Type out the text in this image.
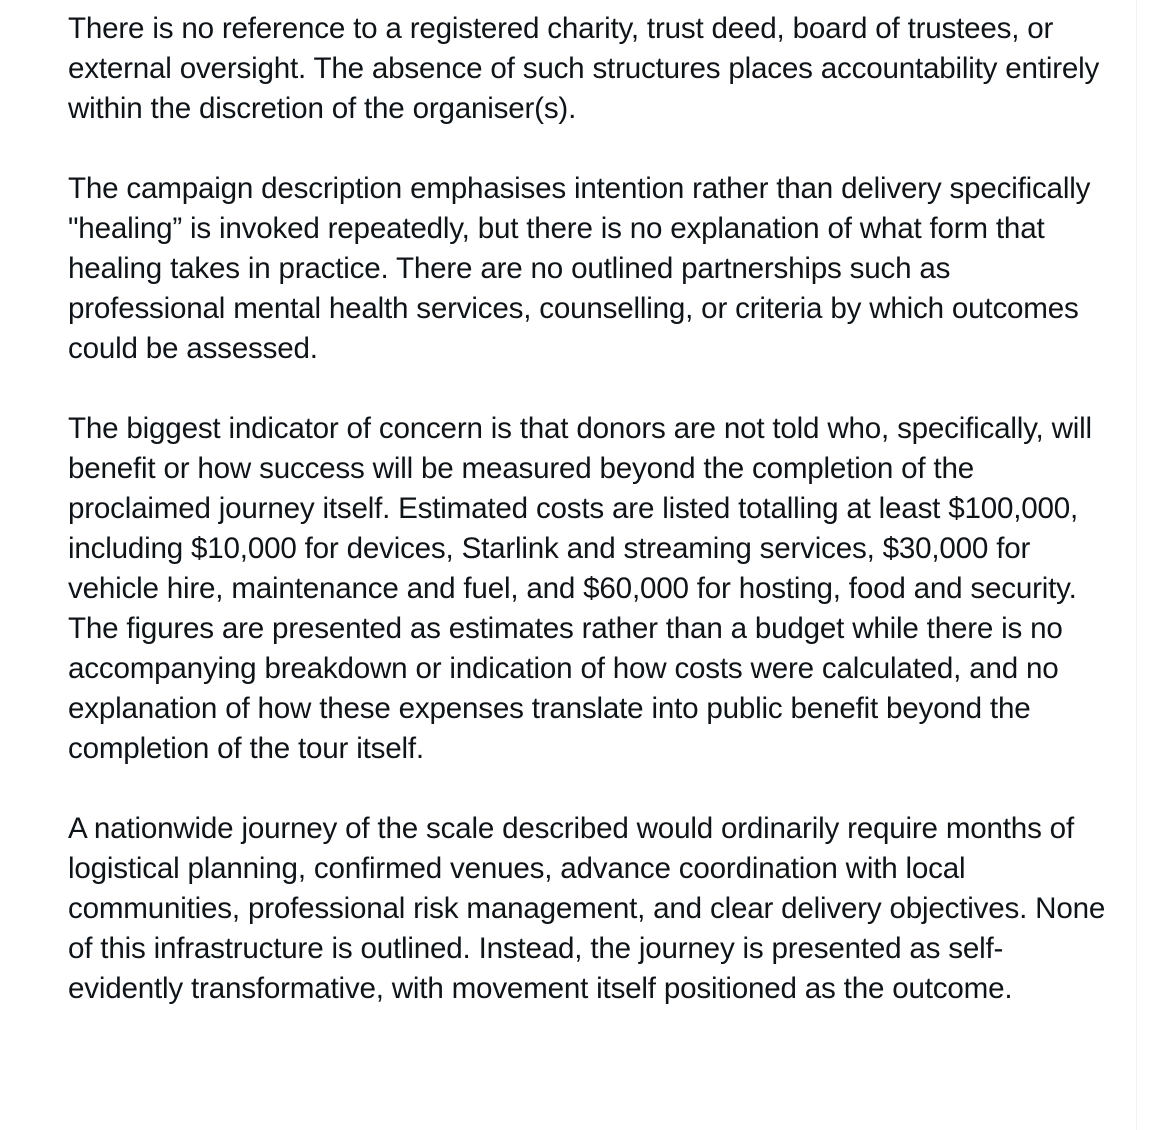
There is no reference to a registered charity, trust deed, board of trustees, or external oversight. The absence of such structures places accountability entirely within the discretion of the organiser(s).

The campaign description emphasises intention rather than delivery specifically "healing” is invoked repeatedly, but there is no explanation of what form that healing takes in practice. There are no outlined partnerships such as professional mental health services, counselling, or criteria by which outcomes could be assessed.

The biggest indicator of concern is that donors are not told who, specifically, will benefit or how success will be measured beyond the completion of the proclaimed journey itself. Estimated costs are listed totalling at least $100,000, including $10,000 for devices, Starlink and streaming services, $30,000 for vehicle hire, maintenance and fuel, and $60,000 for hosting, food and security. The figures are presented as estimates rather than a budget while there is no accompanying breakdown or indication of how costs were calculated, and no explanation of how these expenses translate into public benefit beyond the completion of the tour itself.

A nationwide journey of the scale described would ordinarily require months of logistical planning, confirmed venues, advance coordination with local communities, professional risk management, and clear delivery objectives. None of this infrastructure is outlined. Instead, the journey is presented as self-evidently transformative, with movement itself positioned as the outcome.
